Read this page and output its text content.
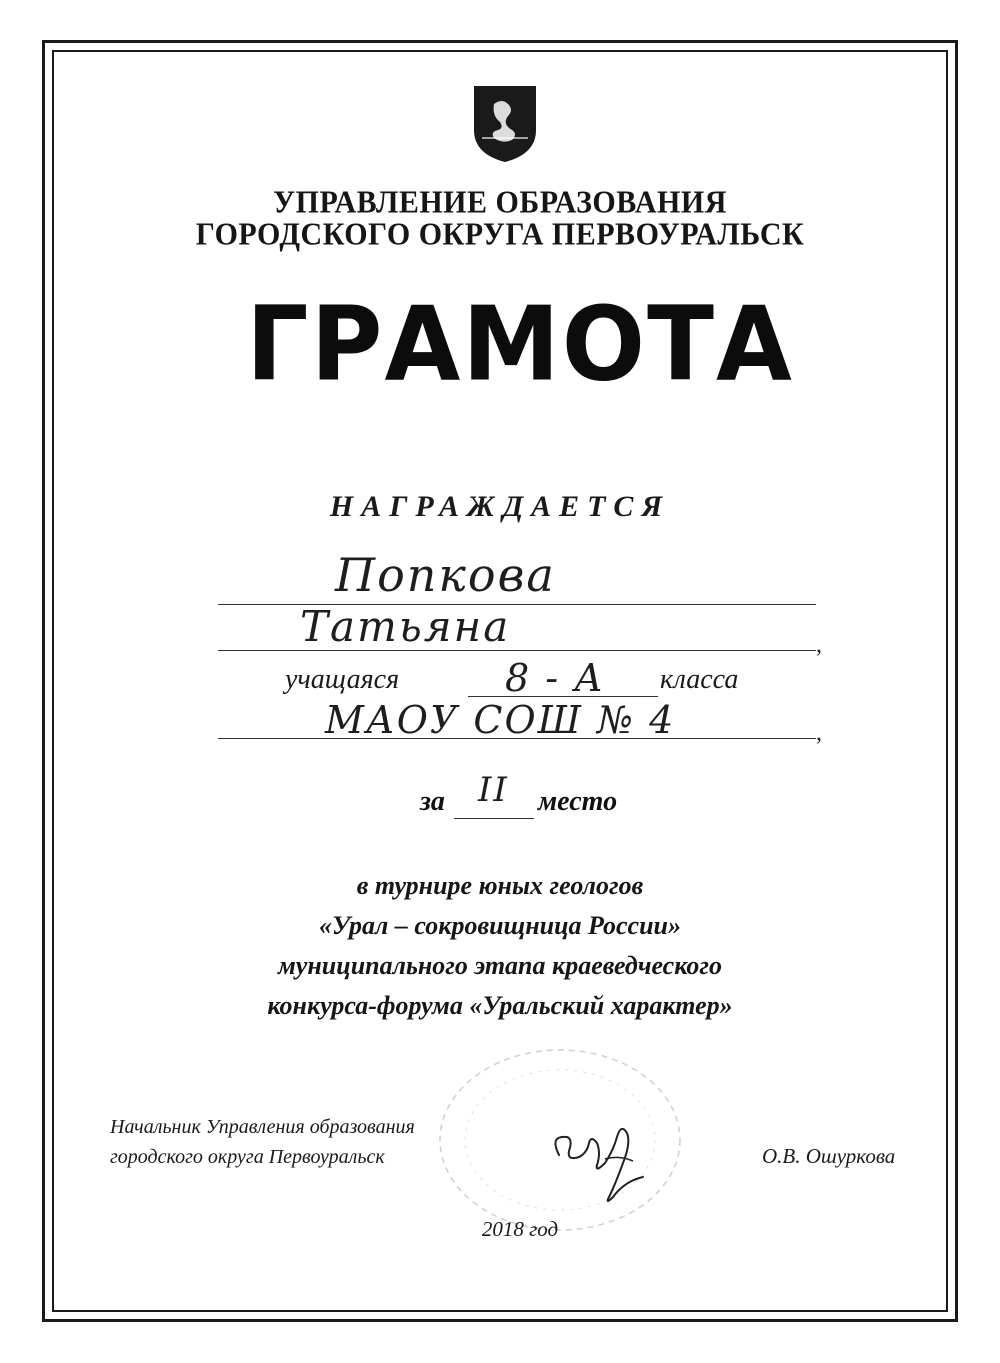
УПРАВЛЕНИЕ ОБРАЗОВАНИЯ
ГОРОДСКОГО ОКРУГА ПЕРВОУРАЛЬСК
ГРАМОТА
НАГРАЖДАЕТСЯ
Попкова
Татьяна	,
учащаяся	8 - А класса
МАОУ СОШ № 4	,
за II место
в турнире юных геологов
«Урал – сокровищница России»
муниципального этапа краеведческого
конкурса-форума «Уральский характер»
Начальник Управления образования
городского округа Первоуральск	О.В. Ошуркова
2018 год
